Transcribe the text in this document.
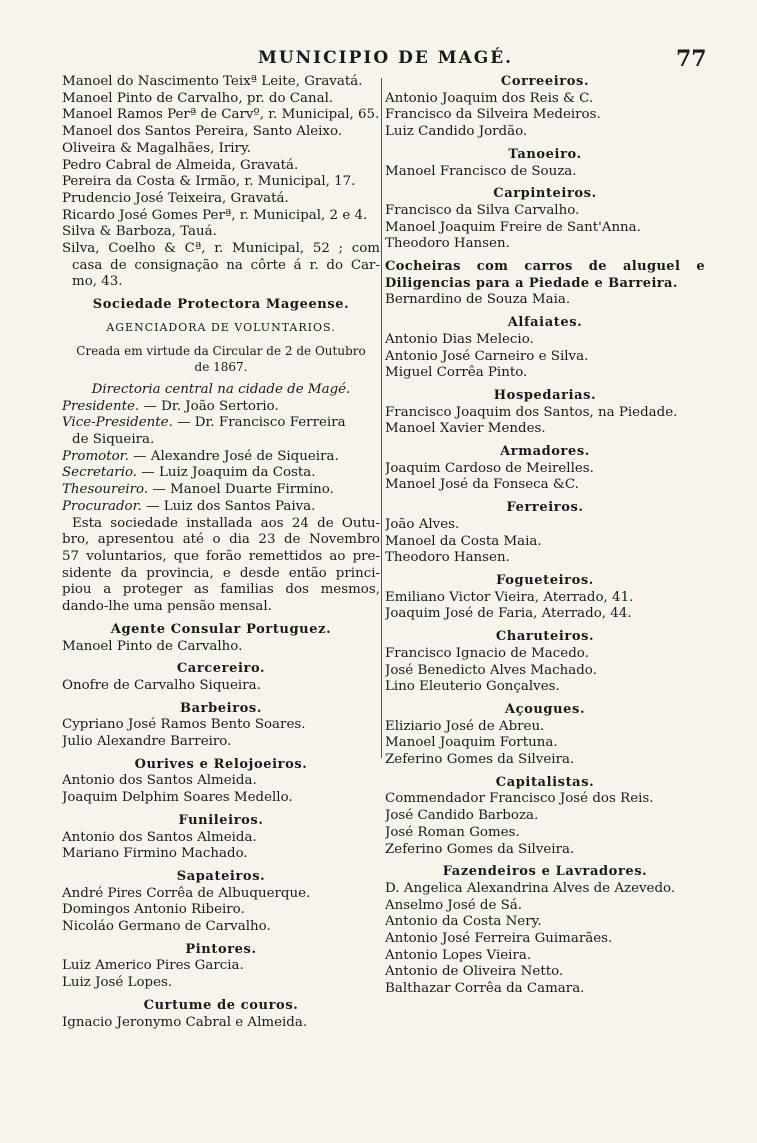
MUNICIPIO DE MAGÉ.	77
Manoel do Nascimento Teixª Leite, Gravatá.
Manoel Pinto de Carvalho, pr. do Canal.
Manoel Ramos Perª de Carvº, r. Municipal, 65.
Manoel dos Santos Pereira, Santo Aleixo.
Oliveira & Magalhães, Iriry.
Pedro Cabral de Almeida, Gravatá.
Pereira da Costa & Irmão, r. Municipal, 17.
Prudencio José Teixeira, Gravatá.
Ricardo José Gomes Perª, r. Municipal, 2 e 4.
Silva & Barboza, Tauá.
Silva, Coelho & Cª, r. Municipal, 52 ; com
casa de consignação na côrte á r. do Car-
mo, 43.
Sociedade Protectora Mageense.
AGENCIADORA DE VOLUNTARIOS.
Creada em virtude da Circular de 2 de Outubro
de 1867.
Directoria central na cidade de Magé.
Presidente. — Dr. João Sertorio.
Vice-Presidente. — Dr. Francisco Ferreira
de Siqueira.
Promotor. — Alexandre José de Siqueira.
Secretario. — Luiz Joaquim da Costa.
Thesoureiro. — Manoel Duarte Firmino.
Procurador. — Luiz dos Santos Paiva.
Esta sociedade installada aos 24 de Outu-
bro, apresentou até o dia 23 de Novembro
57 voluntarios, que forão remettidos ao pre-
sidente da provincia, e desde então princi-
piou a proteger as familias dos mesmos,
dando-lhe uma pensão mensal.
Agente Consular Portuguez.
Manoel Pinto de Carvalho.
Carcereiro.
Onofre de Carvalho Siqueira.
Barbeiros.
Cypriano José Ramos Bento Soares.
Julio Alexandre Barreiro.
Ourives e Relojoeiros.
Antonio dos Santos Almeida.
Joaquim Delphim Soares Medello.
Funileiros.
Antonio dos Santos Almeida.
Mariano Firmino Machado.
Sapateiros.
André Pires Corrêa de Albuquerque.
Domingos Antonio Ribeiro.
Nicoláo Germano de Carvalho.
Pintores.
Luiz Americo Pires Garcia.
Luiz José Lopes.
Curtume de couros.
Ignacio Jeronymo Cabral e Almeida.
Correeiros.
Antonio Joaquim dos Reis & C.
Francisco da Silveira Medeiros.
Luiz Candido Jordão.
Tanoeiro.
Manoel Francisco de Souza.
Carpinteiros.
Francisco da Silva Carvalho.
Manoel Joaquim Freire de Sant'Anna.
Theodoro Hansen.
Cocheiras com carros de aluguel e
Diligencias para a Piedade e Barreira.
Bernardino de Souza Maia.
Alfaiates.
Antonio Dias Melecio.
Antonio José Carneiro e Silva.
Miguel Corrêa Pinto.
Hospedarias.
Francisco Joaquim dos Santos, na Piedade.
Manoel Xavier Mendes.
Armadores.
Joaquim Cardoso de Meirelles.
Manoel José da Fonseca &C.
Ferreiros.
João Alves.
Manoel da Costa Maia.
Theodoro Hansen.
Fogueteiros.
Emiliano Victor Vieira, Aterrado, 41.
Joaquim José de Faria, Aterrado, 44.
Charuteiros.
Francisco Ignacio de Macedo.
José Benedicto Alves Machado.
Lino Eleuterio Gonçalves.
Açougues.
Eliziario José de Abreu.
Manoel Joaquim Fortuna.
Zeferino Gomes da Silveira.
Capitalistas.
Commendador Francisco José dos Reis.
José Candido Barboza.
José Roman Gomes.
Zeferino Gomes da Silveira.
Fazendeiros e Lavradores.
D. Angelica Alexandrina Alves de Azevedo.
Anselmo José de Sá.
Antonio da Costa Nery.
Antonio José Ferreira Guimarães.
Antonio Lopes Vieira.
Antonio de Oliveira Netto.
Balthazar Corrêa da Camara.
